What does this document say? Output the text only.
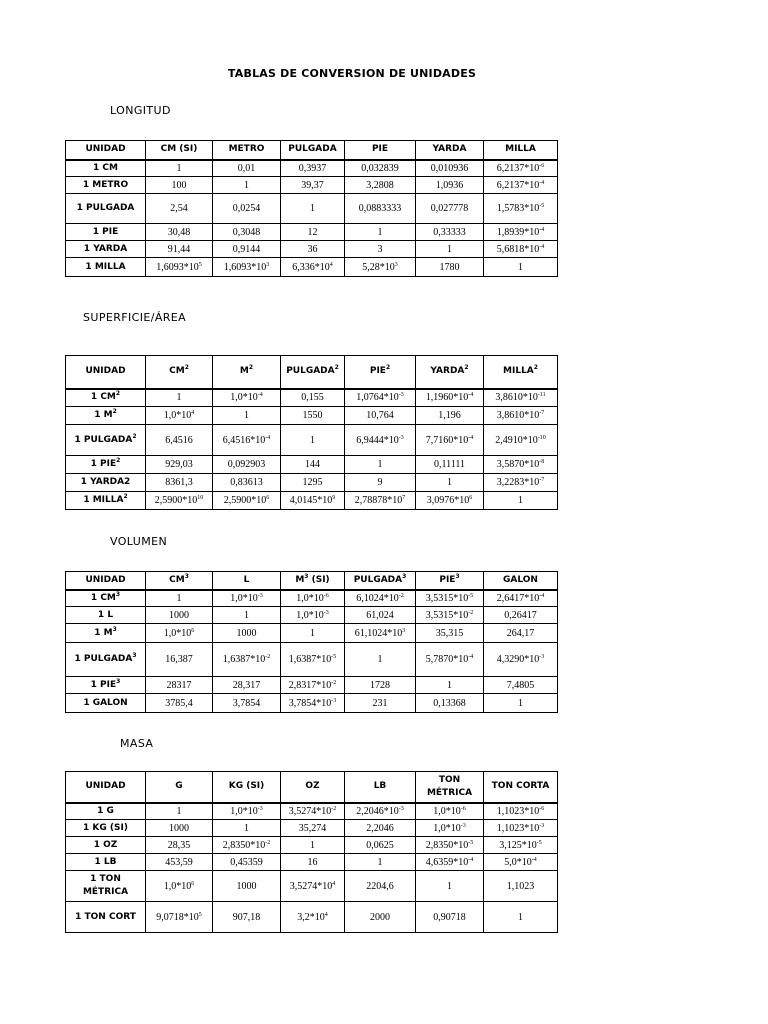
TABLAS DE CONVERSION DE UNIDADES
LONGITUD
UNIDAD	CM (SI)	METRO	PULGADA	PIE	YARDA	MILLA
1 CM	1	0,01	0,3937	0,032839	0,010936	$6,2137*10^{-6}$
1 METRO	100	1	39,37	3,2808	1,0936	$6,2137*10^{-4}$
1 PULGADA	2,54	0,0254	1	0,0883333	0,027778	$1,5783*10^{-5}$
1 PIE	30,48	0,3048	12	1	0,33333	$1,8939*10^{-4}$
1 YARDA	91,44	0,9144	36	3	1	$5,6818*10^{-4}$
1 MILLA	$1,6093*10^5$	$1,6093*10^3$	$6,336*10^4$	$5,28*10^3$	1780	1
SUPERFICIE/ÁREA
UNIDAD	$CM^2$	$M^2$	PULGADA$^2$	PIE$^2$	YARDA$^2$	MILLA$^2$
1 $CM^2$	1	$1,0*10^{-4}$	0,155	$1,0764*10^{-3}$	$1,1960*10^{-4}$	$3,8610*10^{-11}$
1 $M^2$	$1,0*10^4$	1	1550	10,764	1,196	$3,8610*10^{-7}$
1 PULGADA$^2$	6,4516	$6,4516*10^{-4}$	1	$6,9444*10^{-3}$	$7,7160*10^{-4}$	$2,4910*10^{-10}$
1 PIE$^2$	929,03	0,092903	144	1	0,11111	$3,5870*10^{-8}$
1 YARDA2	8361,3	0,83613	1295	9	1	$3,2283*10^{-7}$
1 MILLA$^2$	$2,5900*10^{10}$	$2,5900*10^6$	$4,0145*10^9$	$2,78878*10^7$	$3,0976*10^6$	1
VOLUMEN
UNIDAD	$CM^3$	L	$M^3$ (SI)	PULGADA$^3$	PIE$^3$	GALON
1 $CM^3$	1	$1,0*10^{-3}$	$1,0*10^{-6}$	$6,1024*10^{-2}$	$3,5315*10^{-5}$	$2,6417*10^{-4}$
1 L	1000	1	$1,0*10^{-3}$	61,024	$3,5315*10^{-2}$	0,26417
1 $M^3$	$1,0*10^6$	1000	1	$61,1024*10^3$	35,315	264,17
1 PULGADA$^3$	16,387	$1,6387*10^{-2}$	$1,6387*10^{-5}$	1	$5,7870*10^{-4}$	$4,3290*10^{-3}$
1 PIE$^3$	28317	28,317	$2,8317*10^{-2}$	1728	1	7,4805
1 GALON	3785,4	3,7854	$3,7854*10^{-3}$	231	0,13368	1
MASA
UNIDAD	G	KG (SI)	OZ	LB	TON MÉTRICA	TON CORTA
1 G	1	$1,0*10^{-3}$	$3,5274*10^{-2}$	$2,2046*10^{-3}$	$1,0*10^{-6}$	$1,1023*10^{-6}$
1 KG (SI)	1000	1	35,274	2,2046	$1,0*10^{-3}$	$1,1023*10^{-3}$
1 OZ	28,35	$2,8350*10^{-2}$	1	0,0625	$2,8350*10^{-5}$	$3,125*10^{-5}$
1 LB	453,59	0,45359	16	1	$4,6359*10^{-4}$	$5,0*10^{-4}$
1 TON MÉTRICA	$1,0*10^6$	1000	$3,5274*10^4$	2204,6	1	1,1023
1 TON CORT	$9,0718*10^5$	907,18	$3,2*10^4$	2000	0,90718	1
